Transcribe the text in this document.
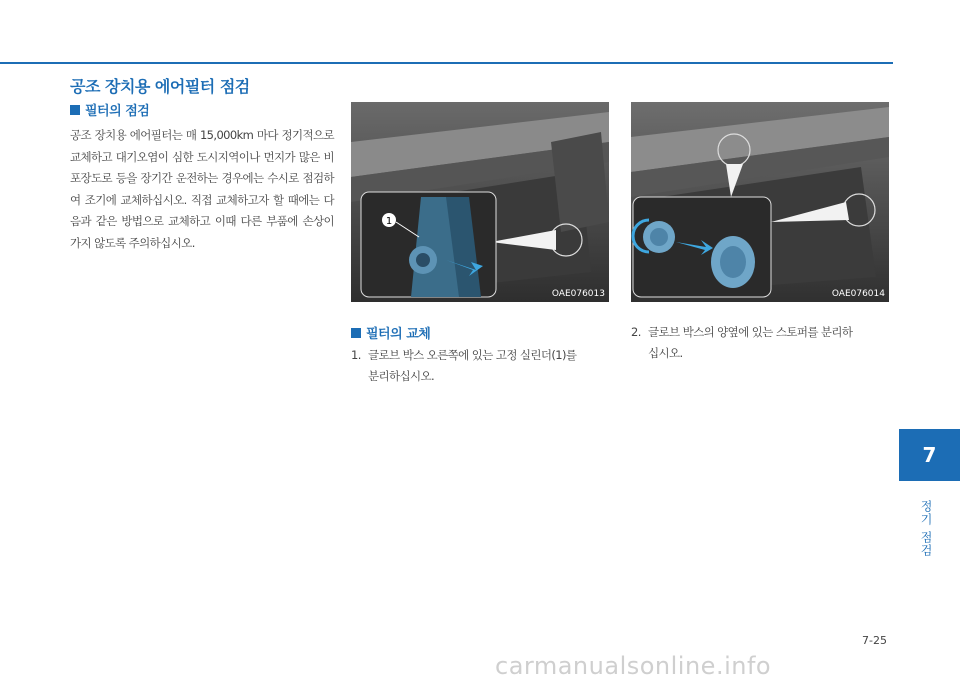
공조 장치용 에어필터 점검
필터의 점검
공조 장치용 에어필터는 매 15,000km 마다 정기적으로 교체하고 대기오염이 심한 도시지역이나 먼지가 많은 비포장도로 등을 장기간 운전하는 경우에는 수시로 점검하여 조기에 교체하십시오. 직접 교체하고자 할 때에는 다음과 같은 방법으로 교체하고 이때 다른 부품에 손상이 가지 않도록 주의하십시오.
1
OAE076013	OAE076014
필터의 교체
1. 글로브 박스 오른쪽에 있는 고정 실린더(1)를
분리하십시오.
2. 글로브 박스의 양옆에 있는 스토퍼를 분리하
십시오.
7
정기 점검
7-25
carmanualsonline.info
